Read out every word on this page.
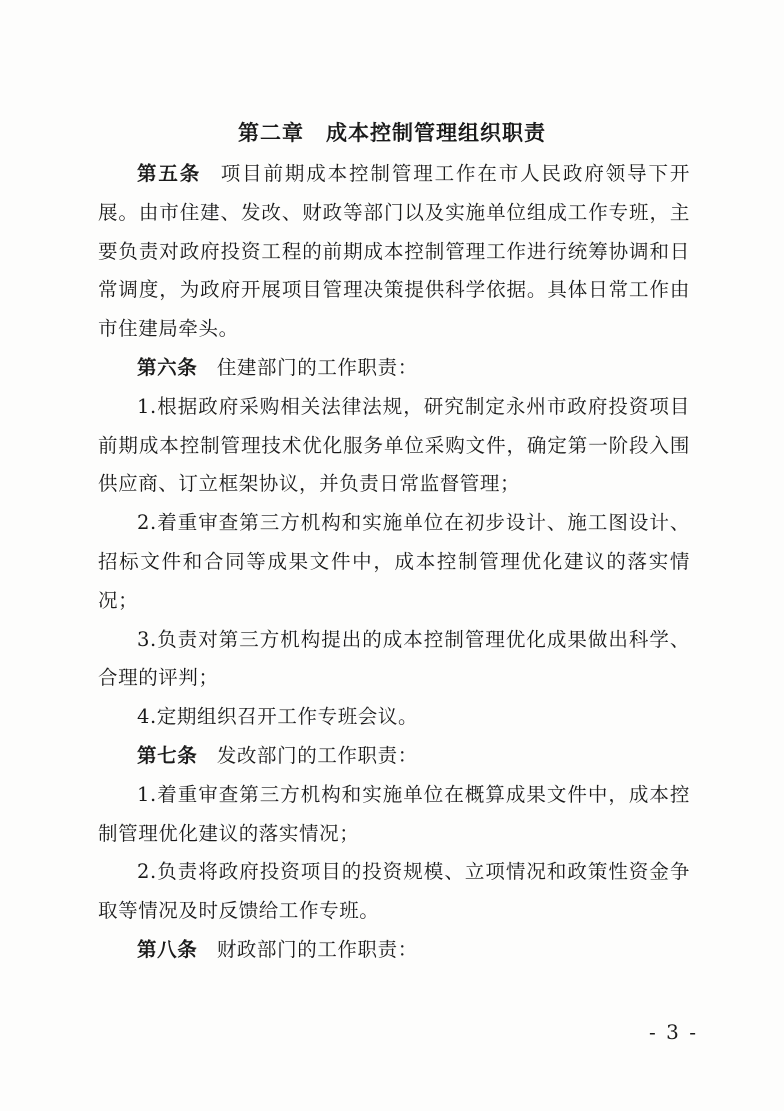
第二章　成本控制管理组织职责

第五条 项目前期成本控制管理工作在市人民政府领导下开展。由市住建、发改、财政等部门以及实施单位组成工作专班，主要负责对政府投资工程的前期成本控制管理工作进行统筹协调和日常调度，为政府开展项目管理决策提供科学依据。具体日常工作由市住建局牵头。

第六条 住建部门的工作职责：

1.根据政府采购相关法律法规，研究制定永州市政府投资项目前期成本控制管理技术优化服务单位采购文件，确定第一阶段入围供应商、订立框架协议，并负责日常监督管理；

2.着重审查第三方机构和实施单位在初步设计、施工图设计、招标文件和合同等成果文件中，成本控制管理优化建议的落实情况；

3.负责对第三方机构提出的成本控制管理优化成果做出科学、合理的评判；

4.定期组织召开工作专班会议。

第七条 发改部门的工作职责：

1.着重审查第三方机构和实施单位在概算成果文件中，成本控制管理优化建议的落实情况；

2.负责将政府投资项目的投资规模、立项情况和政策性资金争取等情况及时反馈给工作专班。

第八条 财政部门的工作职责：

- 3 -
